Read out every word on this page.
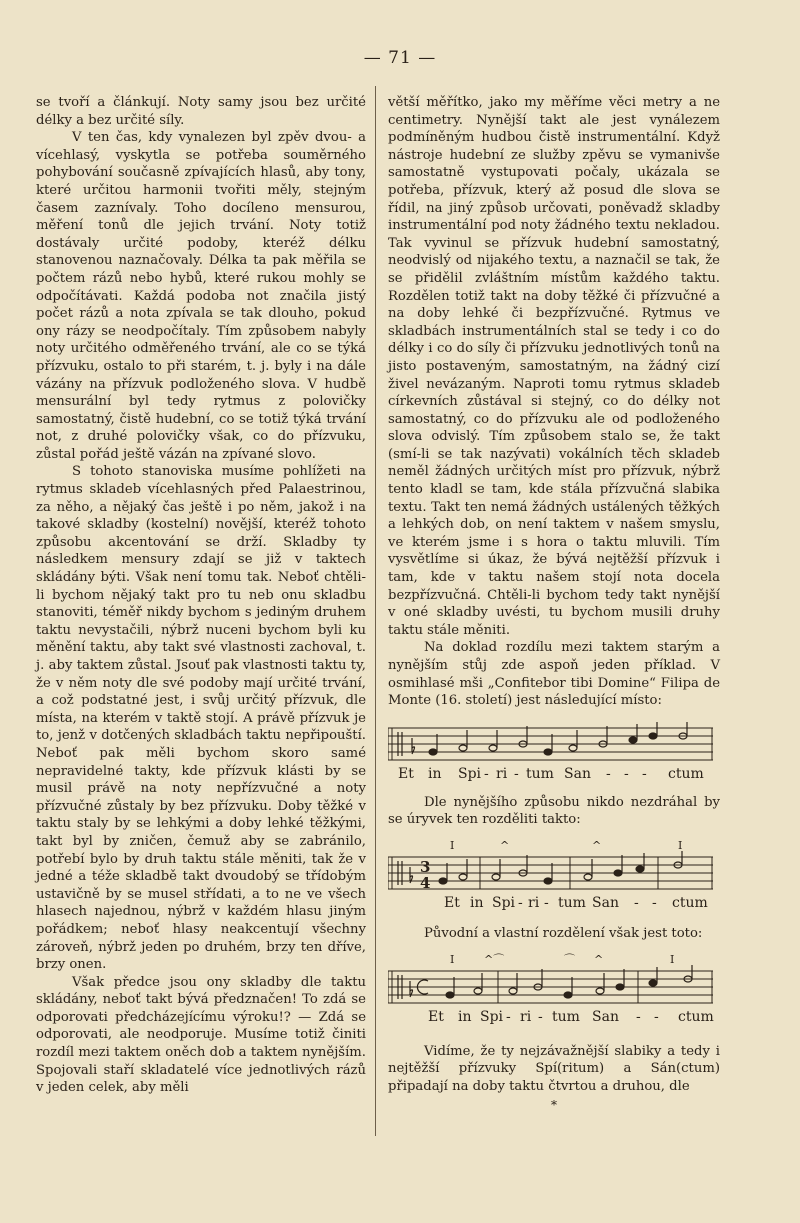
— 71 —

se tvoří a článkují. Noty samy jsou bez určité délky a bez určité síly.

V ten čas, kdy vynalezen byl zpěv dvou- a vícehlasý, vyskytla se potřeba souměrného pohybování současně zpívajících hlasů, aby tony, které určitou harmonii tvořiti měly, stejným časem zaznívaly. Toho docíleno mensurou, měření tonů dle jejich trvání. Noty totiž dostávaly určité podoby, kteréž délku stanovenou naznačovaly. Délka ta pak měřila se počtem rázů nebo hybů, které rukou mohly se odpočítávati. Každá podoba not značila jistý počet rázů a nota zpívala se tak dlouho, pokud ony rázy se neodpočítaly. Tím způsobem nabyly noty určitého odměřeného trvání, ale co se týká přízvuku, ostalo to při starém, t. j. byly i na dále vázány na přízvuk podloženého slova. V hudbě mensurální byl tedy rytmus z polovičky samostatný, čistě hudební, co se totiž týká trvání not, z druhé polovičky však, co do přízvuku, zůstal pořád ještě vázán na zpívané slovo.

S tohoto stanoviska musíme pohlížeti na rytmus skladeb vícehlasných před Palaestrinou, za něho, a nějaký čas ještě i po něm, jakož i na takové skladby (kostelní) novější, kteréž tohoto způsobu akcentování se drží. Skladby ty následkem mensury zdají se již v taktech skládány býti. Však není tomu tak. Neboť chtěli-li bychom nějaký takt pro tu neb onu skladbu stanoviti, téměř nikdy bychom s jediným druhem taktu nevystačili, nýbrž nuceni bychom byli ku měnění taktu, aby takt své vlastnosti zachoval, t. j. aby taktem zůstal. Jsouť pak vlastnosti taktu ty, že v něm noty dle své podoby mají určité trvání, a což podstatné jest, i svůj určitý přízvuk, dle místa, na kterém v taktě stojí. A právě přízvuk je to, jenž v dotčených skladbách taktu nepřipouští. Neboť pak měli bychom skoro samé nepravidelné takty, kde přízvuk klásti by se musil právě na noty nepřízvučné a noty přízvučné zůstaly by bez přízvuku. Doby těžké v taktu staly by se lehkými a doby lehké těžkými, takt byl by zničen, čemuž aby se zabránilo, potřebí bylo by druh taktu stále měniti, tak že v jedné a téže skladbě takt dvoudobý se třídobým ustavičně by se musel střídati, a to ne ve všech hlasech najednou, nýbrž v každém hlasu jiným pořádkem; neboť hlasy neakcentují všechny zároveň, nýbrž jeden po druhém, brzy ten dříve, brzy onen.

Však předce jsou ony skladby dle taktu skládány, neboť takt bývá předznačen! To zdá se odporovati předcházejícímu výroku!? — Zdá se odporovati, ale neodporuje. Musíme totiž činiti rozdíl mezi taktem oněch dob a taktem nynějším. Spojovali staří skladatelé více jednotlivých rázů v jeden celek, aby měli

větší měřítko, jako my měříme věci metry a ne centimetry. Nynější takt ale jest vynálezem podmíněným hudbou čistě instrumentální. Když nástroje hudební ze služby zpěvu se vymanivše samostatně vystupovati počaly, ukázala se potřeba, přízvuk, který až posud dle slova se řídil, na jiný způsob určovati, poněvadž skladby instrumentální pod noty žádného textu nekladou. Tak vyvinul se přízvuk hudební samostatný, neodvislý od nijakého textu, a naznačil se tak, že se přidělil zvláštním místům každého taktu. Rozdělen totiž takt na doby těžké či přízvučné a na doby lehké či bezpřízvučné. Rytmus ve skladbách instrumentálních stal se tedy i co do délky i co do síly či přízvuku jednotlivých tonů na jisto postaveným, samostatným, na žádný cizí živel nevázaným. Naproti tomu rytmus skladeb církevních zůstával si stejný, co do délky not samostatný, co do přízvuku ale od podloženého slova odvislý. Tím způsobem stalo se, že takt (smí-li se tak nazývati) vokálních těch skladeb neměl žádných určitých míst pro přízvuk, nýbrž tento kladl se tam, kde stála přízvučná slabika textu. Takt ten nemá žádných ustálených těžkých a lehkých dob, on není taktem v našem smyslu, ve kterém jsme i s hora o taktu mluvili. Tím vysvětlíme si úkaz, že bývá nejtěžší přízvuk i tam, kde v taktu našem stojí nota docela bezpřízvučná. Chtěli-li bychom tedy takt nynější v oné skladby uvésti, tu bychom musili druhy taktu stále měniti.

Na doklad rozdílu mezi taktem starým a nynějším stůj zde aspoň jeden příklad. V osmihlasé mši „Confitebor tibi Domine“ Filipa de Monte (16. století) jest následující místo:

Et in Spi - ri - tum San - - - ctum

Dle nynějšího způsobu nikdo nezdráhal by se úryvek ten rozděliti takto:

I	^	^	I
3
4
Et in Spi - ri - tum San - - ctum

Původní a vlastní rozdělení však jest toto:

I	^⌒	⌒ ^	I
Et in Spi - ri - tum San - - ctum

Vidíme, že ty nejzávažnější slabiky a tedy i nejtěžší přízvuky Spí(ritum) a Sán(ctum) připadají na doby taktu čtvrtou a druhou, dle

*
